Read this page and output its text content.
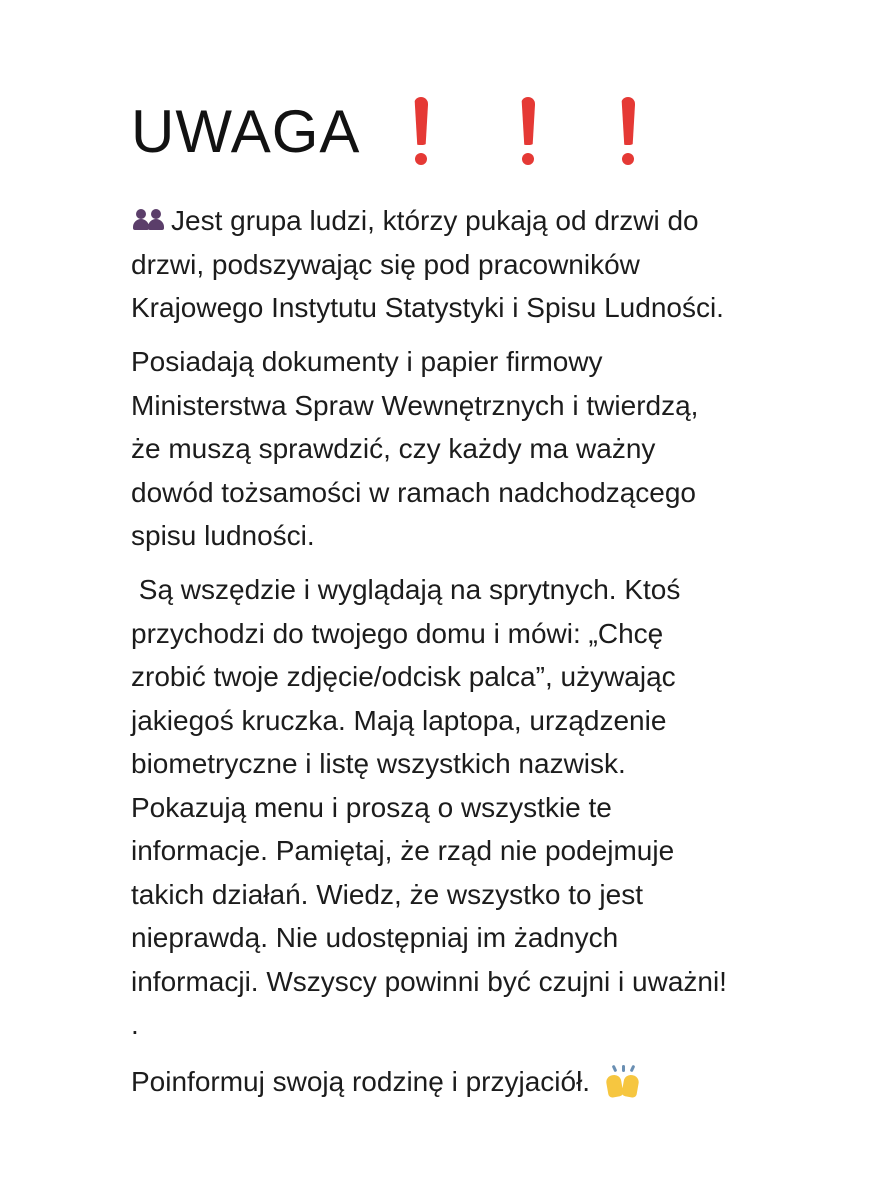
UWAGA

Jest grupa ludzi, którzy pukają od drzwi do
drzwi, podszywając się pod pracowników
Krajowego Instytutu Statystyki i Spisu Ludności.

Posiadają dokumenty i papier firmowy
Ministerstwa Spraw Wewnętrznych i twierdzą,
że muszą sprawdzić, czy każdy ma ważny
dowód tożsamości w ramach nadchodzącego
spisu ludności.

Są wszędzie i wyglądają na sprytnych. Ktoś
przychodzi do twojego domu i mówi: „Chcę
zrobić twoje zdjęcie/odcisk palca”, używając
jakiegoś kruczka. Mają laptopa, urządzenie
biometryczne i listę wszystkich nazwisk.
Pokazują menu i proszą o wszystkie te
informacje. Pamiętaj, że rząd nie podejmuje
takich działań. Wiedz, że wszystko to jest
nieprawdą. Nie udostępniaj im żadnych
informacji. Wszyscy powinni być czujni i uważni!
.

Poinformuj swoją rodzinę i przyjaciół.
